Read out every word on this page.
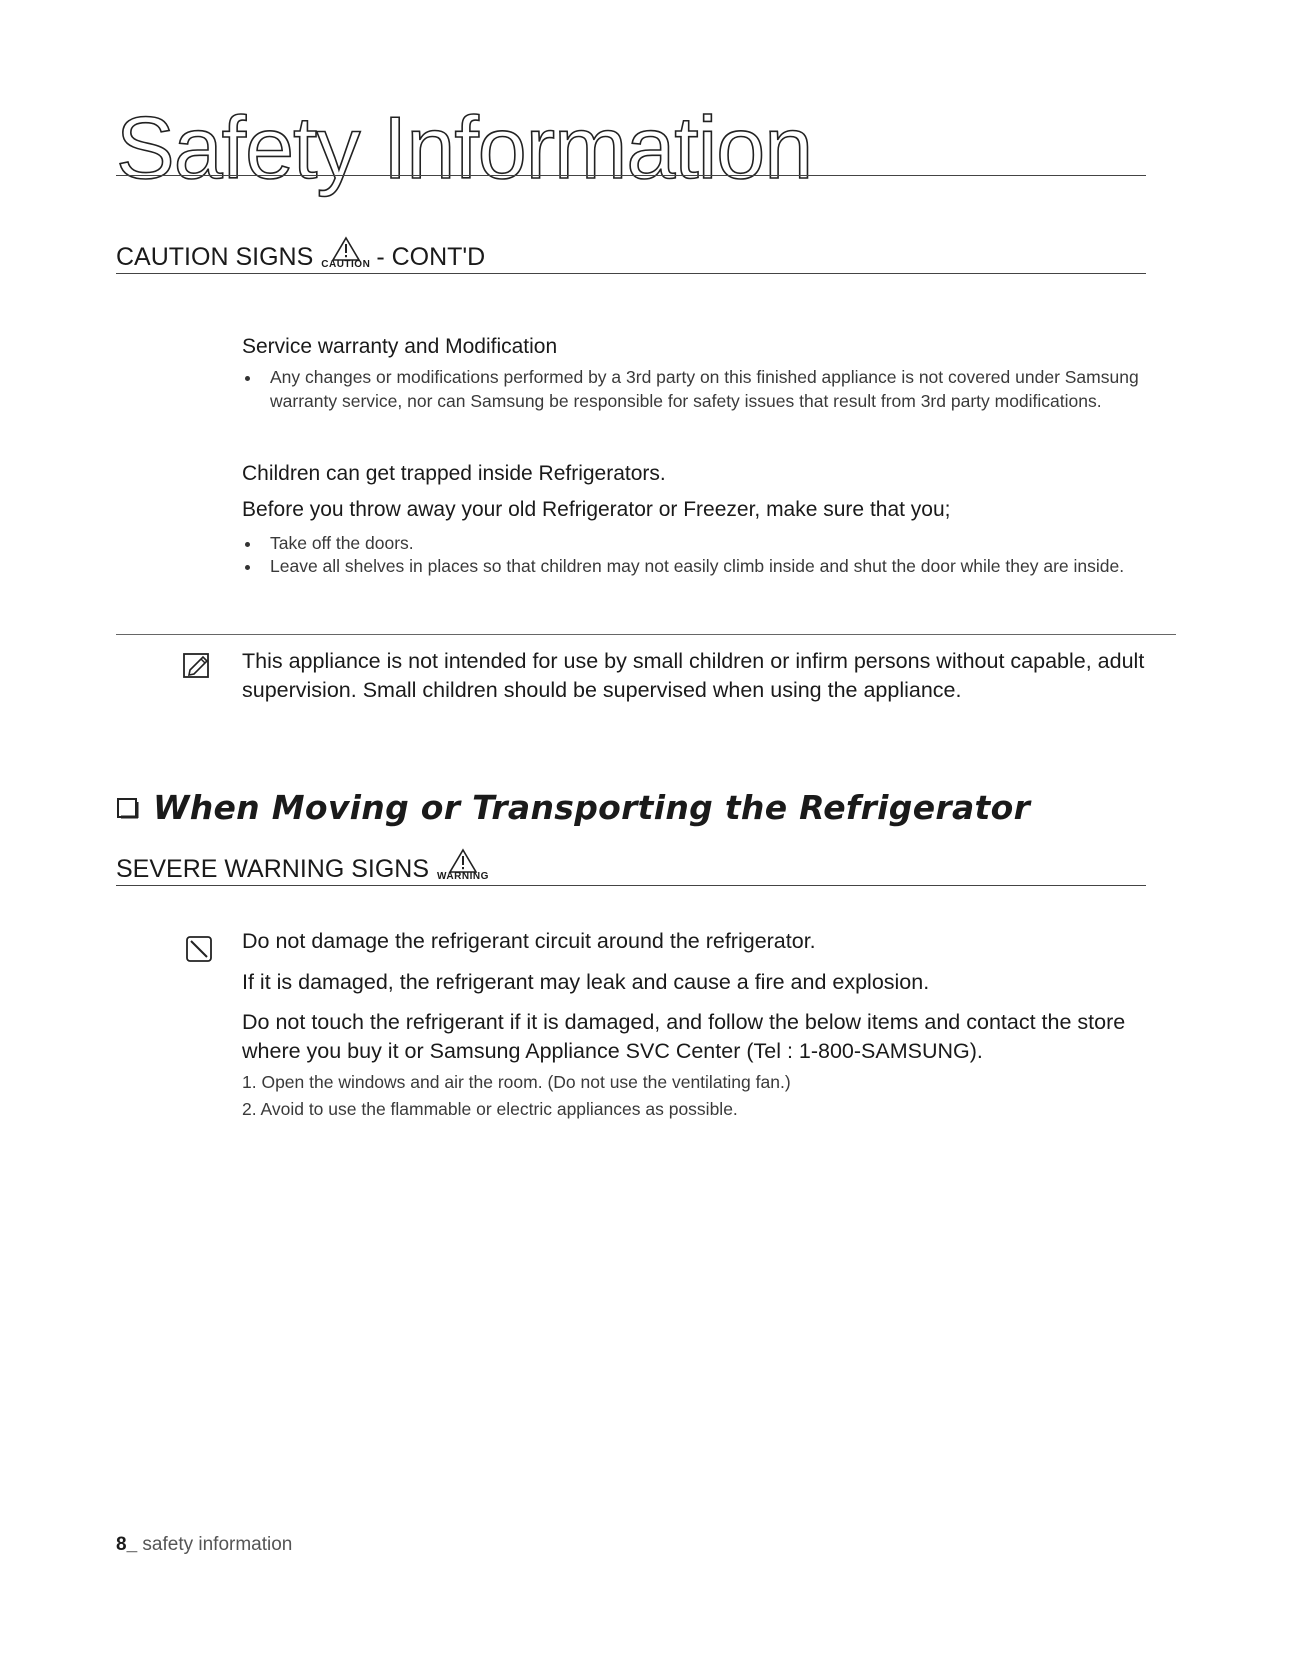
Safety Information
CAUTION SIGNS CAUTION - CONT'D

Service warranty and Modification

Any changes or modifications performed by a 3rd party on this finished appliance is not covered under Samsung warranty service, nor can Samsung be responsible for safety issues that result from 3rd party modifications.

Children can get trapped inside Refrigerators.

Before you throw away your old Refrigerator or Freezer, make sure that you;

Take off the doors.
Leave all shelves in places so that children may not easily climb inside and shut the door while they are inside.

This appliance is not intended for use by small children or infirm persons without capable, adult supervision. Small children should be supervised when using the appliance.

When Moving or Transporting the Refrigerator
SEVERE WARNING SIGNS WARNING

Do not damage the refrigerant circuit around the refrigerator.

If it is damaged, the refrigerant may leak and cause a fire and explosion.

Do not touch the refrigerant if it is damaged, and follow the below items and contact the store where you buy it or Samsung Appliance SVC Center (Tel : 1-800-SAMSUNG).

1. Open the windows and air the room. (Do not use the ventilating fan.)
2. Avoid to use the flammable or electric appliances as possible.
8_ safety information
